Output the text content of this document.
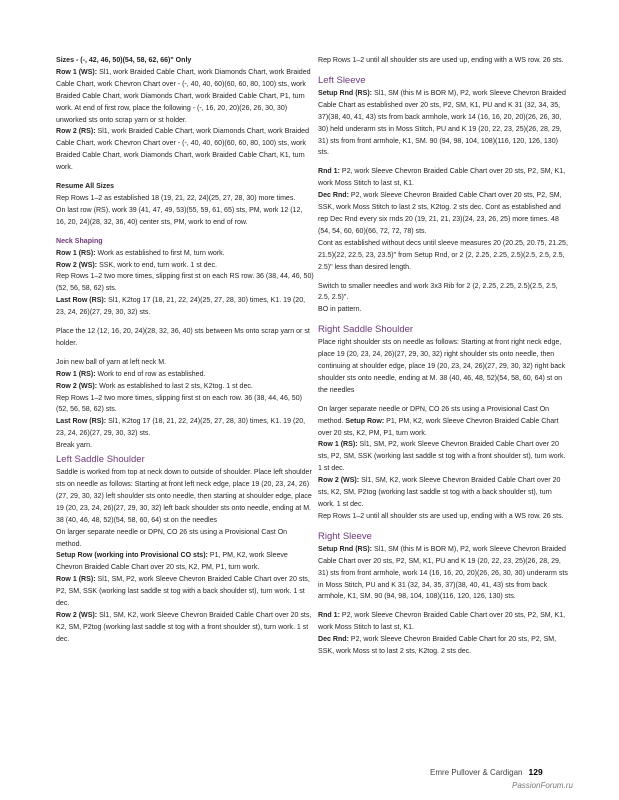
Sizes - (-, 42, 46, 50)(54, 58, 62, 66)" Only

Row 1 (WS): Sl1, work Braided Cable Chart, work Diamonds Chart, work Braided Cable Chart, work Chevron Chart over - (-, 40, 40, 60)(60, 60, 80, 100) sts, work Braided Cable Chart, work Diamonds Chart, work Braided Cable Chart, P1, turn work. At end of first row, place the following - (-, 16, 20, 20)(26, 26, 30, 30) unworked sts onto scrap yarn or st holder.

Row 2 (RS): Sl1, work Braided Cable Chart, work Diamonds Chart, work Braided Cable Chart, work Chevron Chart over - (-, 40, 40, 60)(60, 60, 80, 100) sts, work Braided Cable Chart, work Diamonds Chart, work Braided Cable Chart, K1, turn work.

Resume All Sizes

Rep Rows 1–2 as established 18 (19, 21, 22, 24)(25, 27, 28, 30) more times.

On last row (RS), work 39 (41, 47, 49, 53)(55, 59, 61, 65) sts, PM, work 12 (12, 16, 20, 24)(28, 32, 36, 40) center sts, PM, work to end of row.

Neck Shaping

Row 1 (RS): Work as established to first M, turn work.

Row 2 (WS): SSK, work to end, turn work. 1 st dec.

Rep Rows 1–2 two more times, slipping first st on each RS row. 36 (38, 44, 46, 50)(52, 56, 58, 62) sts.

Last Row (RS): Sl1, K2tog 17 (18, 21, 22, 24)(25, 27, 28, 30) times, K1. 19 (20, 23, 24, 26)(27, 29, 30, 32) sts.

Place the 12 (12, 16, 20, 24)(28, 32, 36, 40) sts between Ms onto scrap yarn or st holder.

Join new ball of yarn at left neck M.

Row 1 (RS): Work to end of row as established.

Row 2 (WS): Work as established to last 2 sts, K2tog. 1 st dec.

Rep Rows 1–2 two more times, slipping first st on each row. 36 (38, 44, 46, 50)(52, 56, 58, 62) sts.

Last Row (RS): Sl1, K2tog 17 (18, 21, 22, 24)(25, 27, 28, 30) times, K1. 19 (20, 23, 24, 26)(27, 29, 30, 32) sts.

Break yarn.

Left Saddle Shoulder

Saddle is worked from top at neck down to outside of shoulder. Place left shoulder sts on needle as follows: Starting at front left neck edge, place 19 (20, 23, 24, 26)(27, 29, 30, 32) left shoulder sts onto needle, then starting at shoulder edge, place 19 (20, 23, 24, 26)(27, 29, 30, 32) left back shoulder sts onto needle, ending at M. 38 (40, 46, 48, 52)(54, 58, 60, 64) st on the needles

On larger separate needle or DPN, CO 26 sts using a Provisional Cast On method.

Setup Row (working into Provisional CO sts): P1, PM, K2, work Sleeve Chevron Braided Cable Chart over 20 sts, K2, PM, P1, turn work.

Row 1 (RS): Sl1, SM, P2, work Sleeve Chevron Braided Cable Chart over 20 sts, P2, SM, SSK (working last saddle st tog with a back shoulder st), turn work. 1 st dec.

Row 2 (WS): Sl1, SM, K2, work Sleeve Chevron Braided Cable Chart over 20 sts, K2, SM, P2tog (working last saddle st tog with a front shoulder st), turn work. 1 st dec.

Rep Rows 1–2 until all shoulder sts are used up, ending with a WS row. 26 sts.

Left Sleeve

Setup Rnd (RS): Sl1, SM (this M is BOR M), P2, work Sleeve Chevron Braided Cable Chart as established over 20 sts, P2, SM, K1, PU and K 31 (32, 34, 35, 37)(38, 40, 41, 43) sts from back armhole, work 14 (16, 16, 20, 20)(26, 26, 30, 30) held underarm sts in Moss Stitch, PU and K 19 (20, 22, 23, 25)(26, 28, 29, 31) sts from front armhole, K1, SM. 90 (94, 98, 104, 108)(116, 120, 126, 130) sts.

Rnd 1: P2, work Sleeve Chevron Braided Cable Chart over 20 sts, P2, SM, K1, work Moss Stitch to last st, K1.

Dec Rnd: P2, work Sleeve Chevron Braided Cable Chart over 20 sts, P2, SM, SSK, work Moss Stitch to last 2 sts, K2tog. 2 sts dec. Cont as established and rep Dec Rnd every six rnds 20 (19, 21, 21, 23)(24, 23, 26, 25) more times. 48 (54, 54, 60, 60)(66, 72, 72, 78) sts.

Cont as established without decs until sleeve measures 20 (20.25, 20.75, 21.25, 21.5)(22, 22.5, 23, 23.5)" from Setup Rnd, or 2 (2, 2.25, 2.25, 2.5)(2.5, 2.5, 2.5, 2.5)" less than desired length.

Switch to smaller needles and work 3x3 Rib for 2 (2, 2.25, 2.25, 2.5)(2.5, 2.5, 2.5, 2.5)".

BO in pattern.

Right Saddle Shoulder

Place right shoulder sts on needle as follows: Starting at front right neck edge, place 19 (20, 23, 24, 26)(27, 29, 30, 32) right shoulder sts onto needle, then continuing at shoulder edge, place 19 (20, 23, 24, 26)(27, 29, 30, 32) right back shoulder sts onto needle, ending at M. 38 (40, 46, 48, 52)(54, 58, 60, 64) st on the needles

On larger separate needle or DPN, CO 26 sts using a Provisional Cast On method. Setup Row: P1, PM, K2, work Sleeve Chevron Braided Cable Chart over 20 sts, K2, PM, P1, turn work.

Row 1 (RS): Sl1, SM, P2, work Sleeve Chevron Braided Cable Chart over 20 sts, P2, SM, SSK (working last saddle st tog with a front shoulder st), turn work. 1 st dec.

Row 2 (WS): Sl1, SM, K2, work Sleeve Chevron Braided Cable Chart over 20 sts, K2, SM, P2tog (working last saddle st tog with a back shoulder st), turn work. 1 st dec.

Rep Rows 1–2 until all shoulder sts are used up, ending with a WS row. 26 sts.

Right Sleeve

Setup Rnd (RS): Sl1, SM (this M is BOR M), P2, work Sleeve Chevron Braided Cable Chart over 20 sts, P2, SM, K1, PU and K 19 (20, 22, 23, 25)(26, 28, 29, 31) sts from front armhole, work 14 (16, 16, 20, 20)(26, 26, 30, 30) underarm sts in Moss Stitch, PU and K 31 (32, 34, 35, 37)(38, 40, 41, 43) sts from back armhole, K1, SM. 90 (94, 98, 104, 108)(116, 120, 126, 130) sts.

Rnd 1: P2, work Sleeve Chevron Braided Cable Chart over 20 sts, P2, SM, K1, work Moss Stitch to last st, K1.

Dec Rnd: P2, work Sleeve Chevron Braided Cable Chart for 20 sts, P2, SM, SSK, work Moss st to last 2 sts, K2tog. 2 sts dec.

Emre Pullover & Cardigan 129
PassionForum.ru
